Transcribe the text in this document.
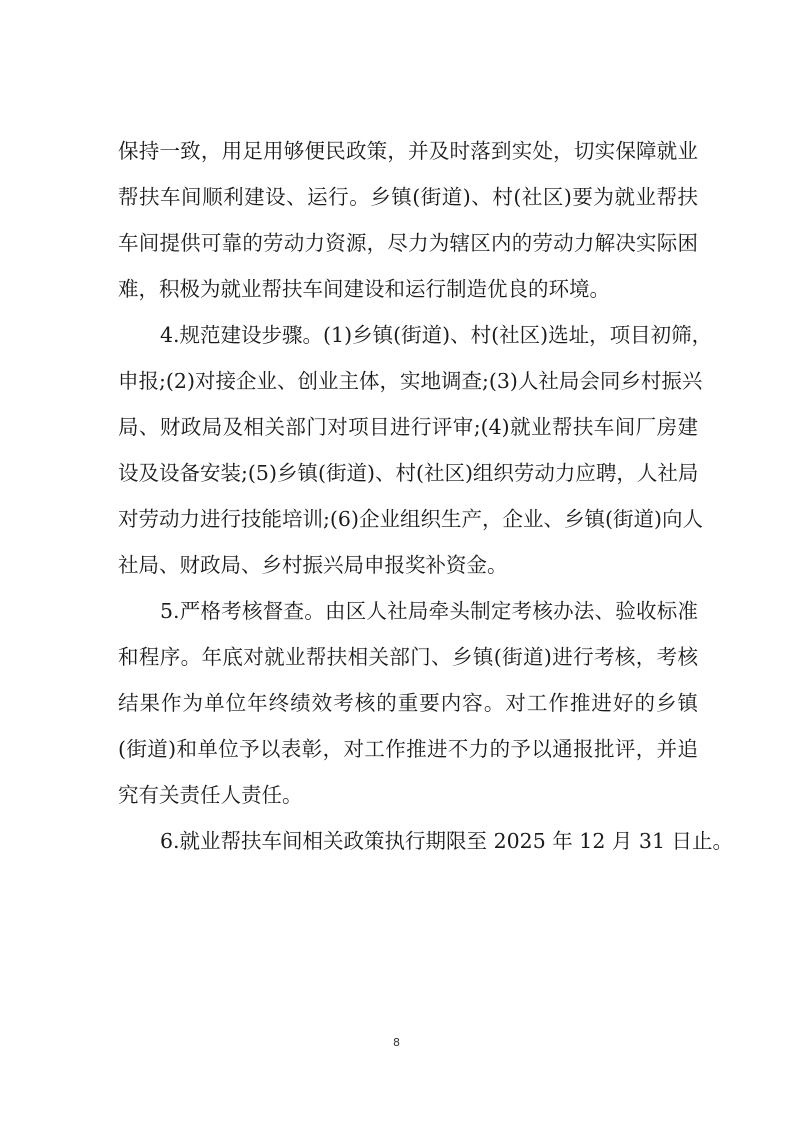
保持一致，用足用够便民政策，并及时落到实处，切实保障就业
帮扶车间顺利建设、运行。乡镇(街道)、村(社区)要为就业帮扶
车间提供可靠的劳动力资源，尽力为辖区内的劳动力解决实际困
难，积极为就业帮扶车间建设和运行制造优良的环境。
4.规范建设步骤。(1)乡镇(街道)、村(社区)选址，项目初筛，
申报;(2)对接企业、创业主体，实地调查;(3)人社局会同乡村振兴
局、财政局及相关部门对项目进行评审;(4)就业帮扶车间厂房建
设及设备安装;(5)乡镇(街道)、村(社区)组织劳动力应聘，人社局
对劳动力进行技能培训;(6)企业组织生产，企业、乡镇(街道)向人
社局、财政局、乡村振兴局申报奖补资金。
5.严格考核督查。由区人社局牵头制定考核办法、验收标准
和程序。年底对就业帮扶相关部门、乡镇(街道)进行考核，考核
结果作为单位年终绩效考核的重要内容。对工作推进好的乡镇
(街道)和单位予以表彰，对工作推进不力的予以通报批评，并追
究有关责任人责任。
6.就业帮扶车间相关政策执行期限至 2025 年 12 月 31 日止。
8
